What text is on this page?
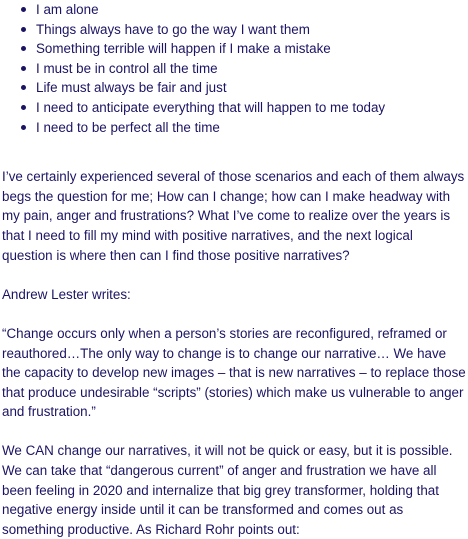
I am alone
Things always have to go the way I want them
Something terrible will happen if I make a mistake
I must be in control all the time
Life must always be fair and just
I need to anticipate everything that will happen to me today
I need to be perfect all the time

I’ve certainly experienced several of those scenarios and each of them always begs the question for me; How can I change; how can I make headway with my pain, anger and frustrations? What I’ve come to realize over the years is that I need to fill my mind with positive narratives, and the next logical question is where then can I find those positive narratives?

Andrew Lester writes:

“Change occurs only when a person’s stories are reconfigured, reframed or reauthored…The only way to change is to change our narrative… We have the capacity to develop new images – that is new narratives – to replace those that produce undesirable “scripts” (stories) which make us vulnerable to anger and frustration.”

We CAN change our narratives, it will not be quick or easy, but it is possible. We can take that “dangerous current” of anger and frustration we have all been feeling in 2020 and internalize that big grey transformer, holding that negative energy inside until it can be transformed and comes out as something productive. As Richard Rohr points out:
